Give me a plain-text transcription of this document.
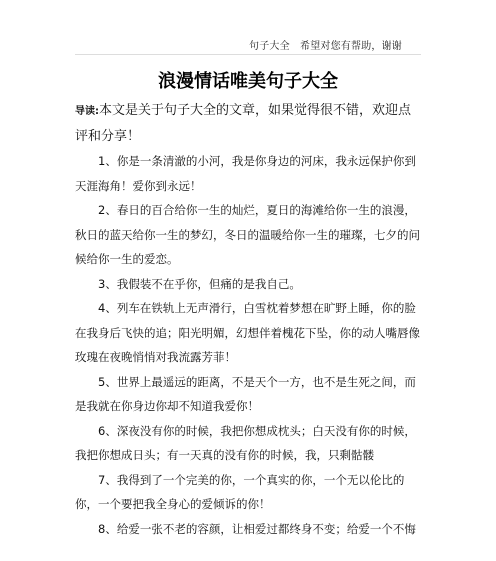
句子大全　希望对您有帮助，谢谢
浪漫情话唯美句子大全

导读:本文是关于句子大全的文章，如果觉得很不错，欢迎点评和分享！

1、你是一条清澈的小河，我是你身边的河床，我永远保护你到天涯海角！爱你到永远！

2、春日的百合给你一生的灿烂，夏日的海滩给你一生的浪漫，秋日的蓝天给你一生的梦幻，冬日的温暖给你一生的璀璨，七夕的问候给你一生的爱恋。

3、我假装不在乎你，但痛的是我自己。

4、列车在铁轨上无声滑行，白雪枕着梦想在旷野上睡，你的脸在我身后飞快的追；阳光明媚，幻想伴着槐花下坠，你的动人嘴唇像玫瑰在夜晚悄悄对我流露芳菲！

5、世界上最遥远的距离，不是天个一方，也不是生死之间，而是我就在你身边你却不知道我爱你！

6、深夜没有你的时候，我把你想成枕头；白天没有你的时候，我把你想成日头；有一天真的没有你的时候，我，只剩骷髅

7、我得到了一个完美的你，一个真实的你，一个无以伦比的你，一个要把我全身心的爱倾诉的你！

8、给爱一张不老的容颜，让相爱过都终身不变；给爱一个不悔
